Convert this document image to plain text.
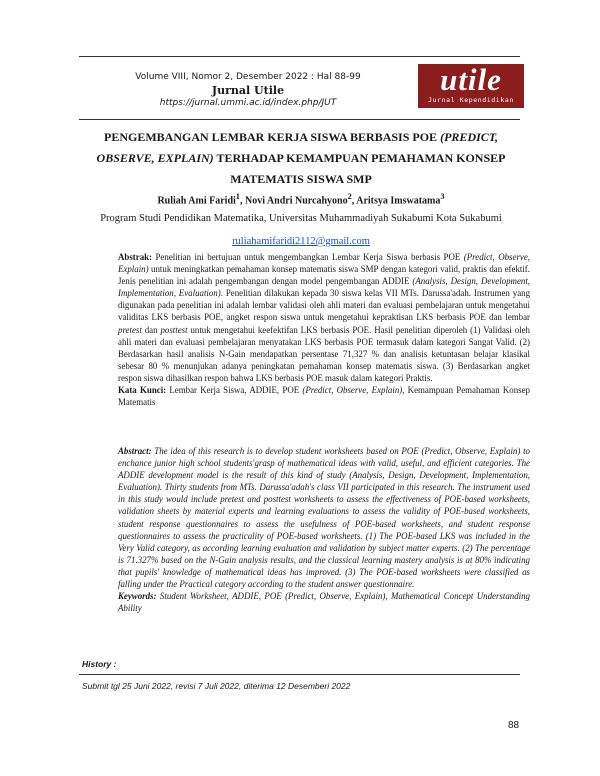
Volume VIII, Nomor 2, Desember 2022 : Hal 88-99
Jurnal Utile
https://jurnal.ummi.ac.id/index.php/JUT
utile
Jurnal Kependidikan
PENGEMBANGAN LEMBAR KERJA SISWA BERBASIS POE (PREDICT,
OBSERVE, EXPLAIN) TERHADAP KEMAMPUAN PEMAHAMAN KONSEP
MATEMATIS SISWA SMP
Ruliah Ami Faridi$^1$, Novi Andri Nurcahyono$^2$, Aritsya Imswatama$^3$
Program Studi Pendidikan Matematika, Universitas Muhammadiyah Sukabumi Kota Sukabumi
ruliahamifaridi2112@gmail.com
Abstrak: Penelitian ini bertujuan untuk mengembangkan Lembar Kerja Siswa berbasis POE (Predict, Observe, Explain) untuk meningkatkan pemahaman konsep matematis siswa SMP dengan kategori valid, praktis dan efektif. Jenis penelitian ini adalah pengembangan dengan model pengembangan ADDIE (Analysis, Design, Development, Implementation, Evaluation). Penelitian dilakukan kepada 30 siswa kelas VII MTs. Darussa'adah. Instrumen yang digunakan pada penelitian ini adalah lembar validasi oleh ahli materi dan evaluasi pembelajaran untuk mengetahui validitas LKS berbasis POE, angket respon siswa untuk mengetahui kepraktisan LKS berbasis POE dan lembar pretest dan posttest untuk mengetahui keefektifan LKS berbasis POE. Hasil penelitian diperoleh (1) Validasi oleh ahli materi dan evaluasi pembelajaran menyatakan LKS berbasis POE termasuk dalam kategori Sangat Valid. (2) Berdasarkan hasil analisis N-Gain mendapatkan persentase 71,327 % dan analisis ketuntasan belajar klasikal sebesar 80 % menunjukan adanya peningkatan pemahaman konsep matematis siswa. (3) Berdasarkan angket respon siswa dihasilkan respon bahwa LKS berbasis POE masuk dalam kategori Praktis.
Kata Kunci: Lembar Kerja Siswa, ADDIE, POE (Predict, Observe, Explain), Kemampuan Pemahaman Konsep Matematis
Abstract: The idea of this research is to develop student worksheets based on POE (Predict, Observe, Explain) to enchance junior high school students'grasp of mathematical ideas with valid, useful, and efficient categories. The ADDIE development model is the result of this kind of study (Analysis, Design, Development, Implementation, Evaluation). Thirty students from MTs. Darussa'adah's class VII participated in this research. The instrument used in this study would include pretest and posttest worksheets to assess the effectiveness of POE-based worksheets, validation sheets by material experts and learning evaluations to assess the validity of POE-based worksheets, student response questionnaires to assess the usefulness of POE-based worksheets, and student response questionnaires to assess the practicality of POE-based worksheets. (1) The POE-based LKS was included in the Very Valid category, as according learning evaluation and validation by subject matter experts. (2) The percentage is 71.327% based on the N-Gain analysis results, and the classical learning mastery analysis is at 80% indicating that pupils' knowledge of mathematical ideas has improved. (3) The POE-based worksheets were classified as falling under the Practical category according to the student answer questionnaire.
Keywords: Student Worksheet, ADDIE, POE (Predict, Observe, Explain), Mathematical Concept Understanding Ability
History :
Submit tgl 25 Juni 2022, revisi 7 Juli 2022, diterima 12 Desemberi 2022
88
